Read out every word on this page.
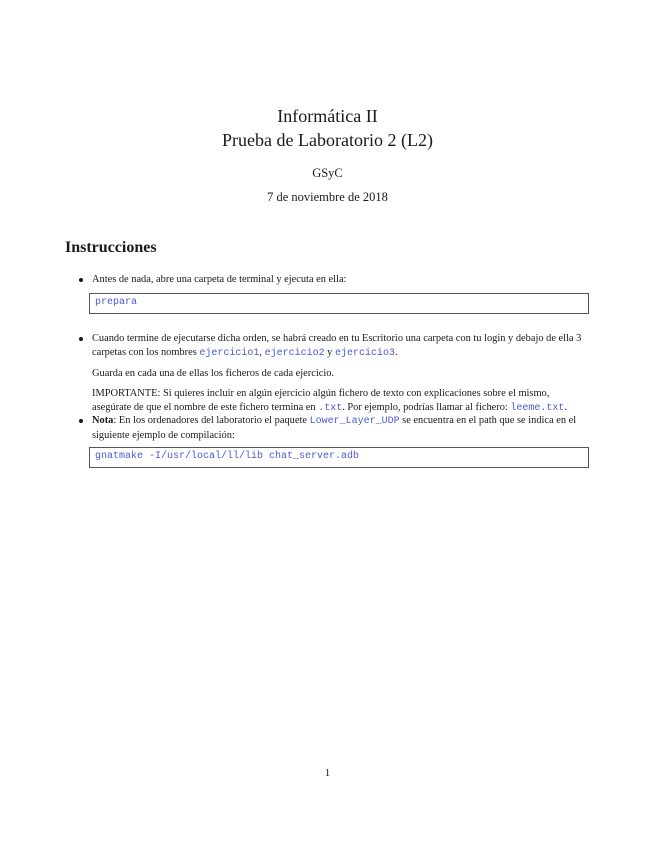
Informática II
Prueba de Laboratorio 2 (L2)
GSyC
7 de noviembre de 2018
Instrucciones
Antes de nada, abre una carpeta de terminal y ejecuta en ella:
prepara

Cuando termine de ejecutarse dicha orden, se habrá creado en tu Escritorio una carpeta con tu login y debajo de ella 3 carpetas con los nombres ejercicio1, ejercicio2 y ejercicio3.

Guarda en cada una de ellas los ficheros de cada ejercicio.

IMPORTANTE: Si quieres incluir en algún ejercicio algún fichero de texto con explicaciones sobre el mismo, asegúrate de que el nombre de este fichero termina en .txt. Por ejemplo, podrías llamar al fichero: leeme.txt.

Nota: En los ordenadores del laboratorio el paquete Lower_Layer_UDP se encuentra en el path que se indica en el siguiente ejemplo de compilación:

gnatmake -I/usr/local/ll/lib chat_server.adb
1
